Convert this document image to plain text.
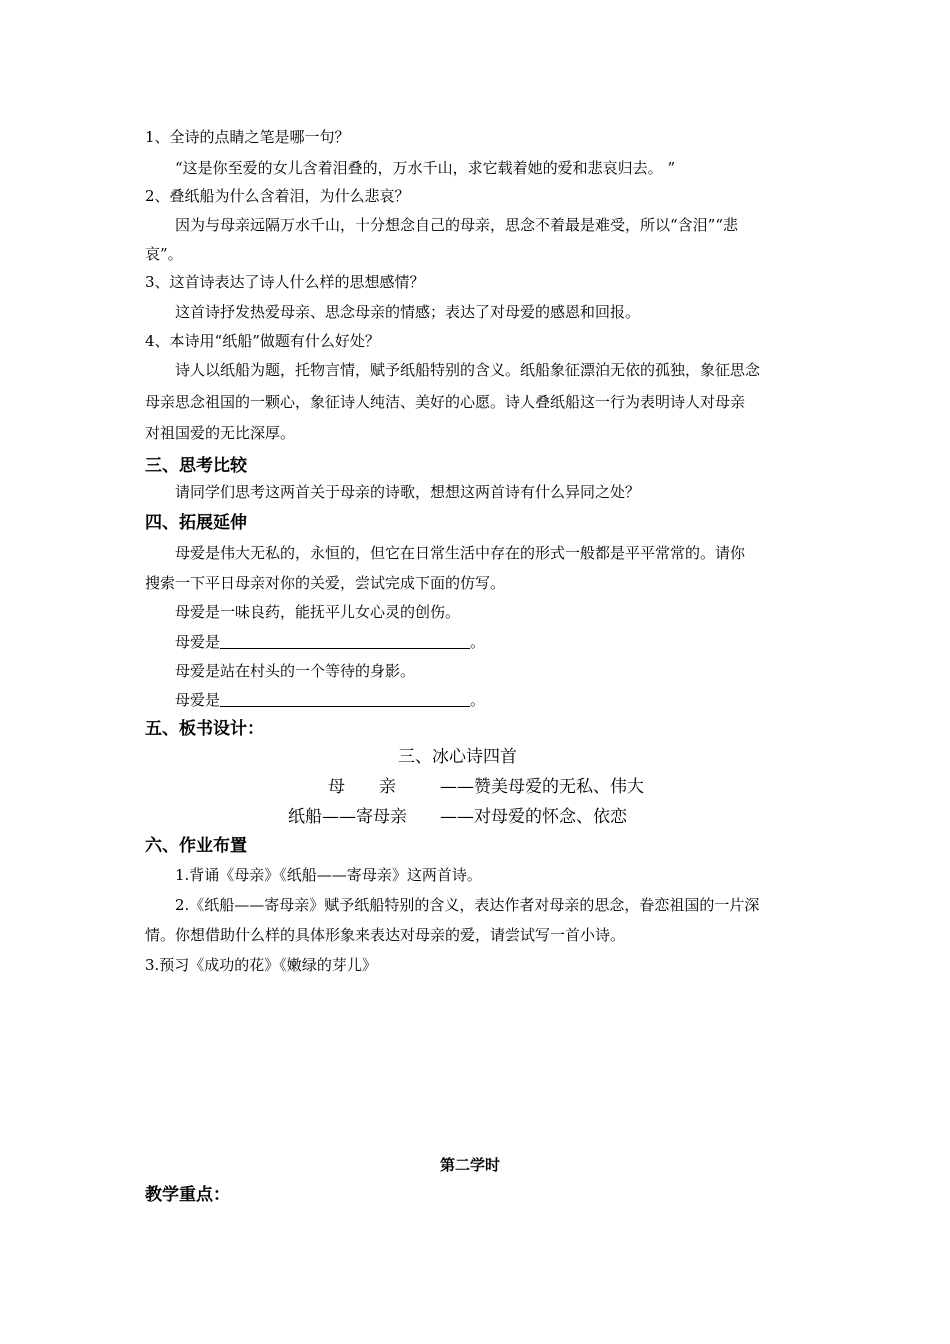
1、全诗的点睛之笔是哪一句？
“这是你至爱的女儿含着泪叠的，万水千山，求它载着她的爱和悲哀归去。 ”
2、叠纸船为什么含着泪，为什么悲哀？
因为与母亲远隔万水千山，十分想念自己的母亲，思念不着最是难受，所以“含泪”“悲
哀”。
3、这首诗表达了诗人什么样的思想感情？
这首诗抒发热爱母亲、思念母亲的情感；表达了对母爱的感恩和回报。
4、本诗用“纸船”做题有什么好处？
诗人以纸船为题，托物言情，赋予纸船特别的含义。纸船象征漂泊无依的孤独，象征思念
母亲思念祖国的一颗心，象征诗人纯洁、美好的心愿。诗人叠纸船这一行为表明诗人对母亲
对祖国爱的无比深厚。
三、思考比较
请同学们思考这两首关于母亲的诗歌，想想这两首诗有什么异同之处？
四、拓展延伸
母爱是伟大无私的，永恒的，但它在日常生活中存在的形式一般都是平平常常的。请你
搜索一下平日母亲对你的关爱，尝试完成下面的仿写。
母爱是一味良药，能抚平儿女心灵的创伤。
母爱是	。
母爱是站在村头的一个等待的身影。
母爱是	。
五、板书设计：
三、冰心诗四首
母　　亲	——赞美母爱的无私、伟大
纸船——寄母亲 ——对母爱的怀念、依恋
六、作业布置
1.背诵《母亲》《纸船——寄母亲》这两首诗。
2.《纸船——寄母亲》赋予纸船特别的含义，表达作者对母亲的思念，眷恋祖国的一片深
情。你想借助什么样的具体形象来表达对母亲的爱，请尝试写一首小诗。
3.预习《成功的花》《嫩绿的芽儿》
第二学时
教学重点：
